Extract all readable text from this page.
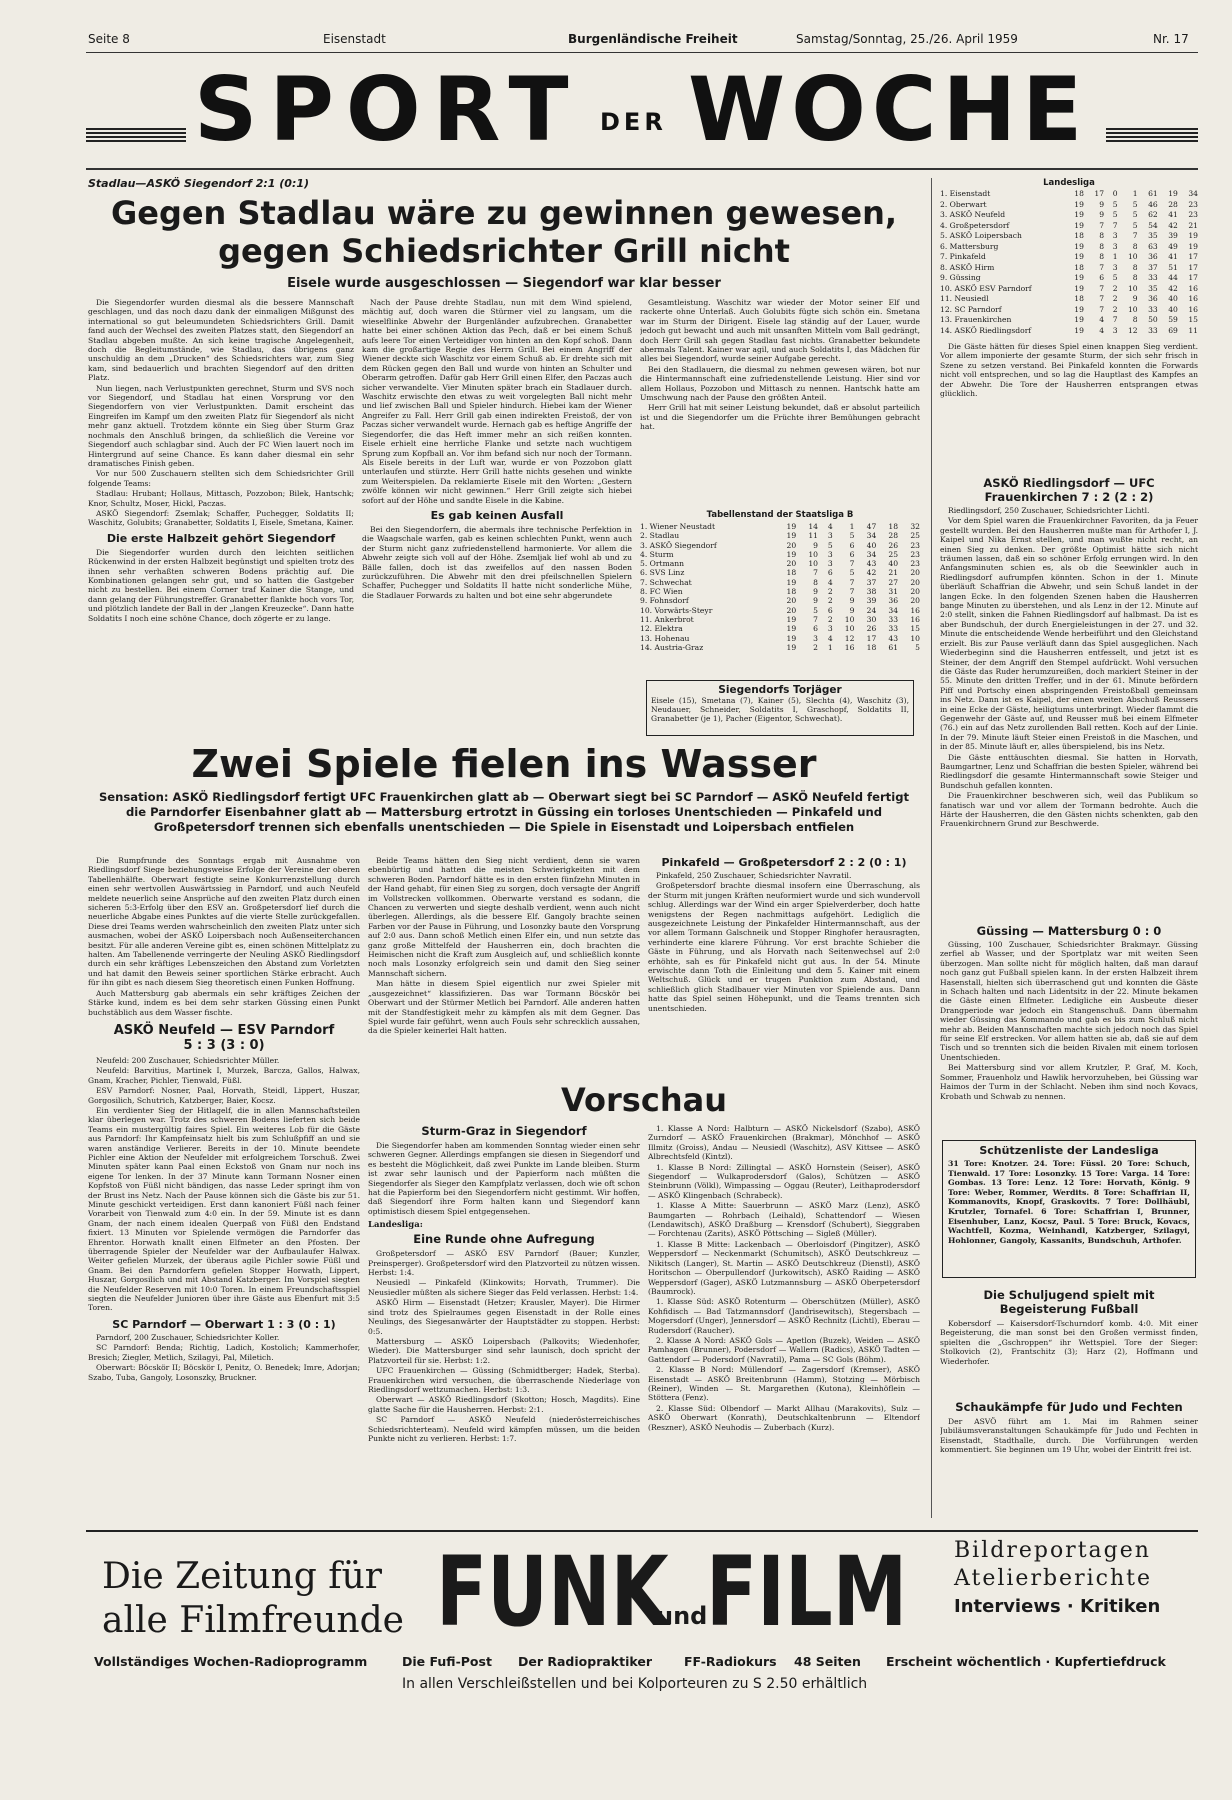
Seite 8	Eisenstadt	Burgenländische Freiheit	Samstag/Sonntag, 25./26. April 1959	Nr. 17
SPORT DER WOCHE
Stadlau—ASKÖ Siegendorf 2:1 (0:1)
Gegen Stadlau wäre zu gewinnen gewesen,
gegen Schiedsrichter Grill nicht
Eisele wurde ausgeschlossen — Siegendorf war klar besser

Die Siegendorfer wurden diesmal als die bessere Mannschaft geschlagen, und das noch dazu dank der einmaligen Mißgunst des international so gut beleumundeten Schiedsrichters Grill. Damit fand auch der Wechsel des zweiten Platzes statt, den Siegendorf an Stadlau abgeben mußte. An sich keine tragische Angelegenheit, doch die Begleitumstände, wie Stadlau, das übrigens ganz unschuldig an dem „Drucken“ des Schiedsrichters war, zum Sieg kam, sind bedauerlich und brachten Siegendorf auf den dritten Platz.

Nun liegen, nach Verlustpunkten gerechnet, Sturm und SVS noch vor Siegendorf, und Stadlau hat einen Vorsprung vor den Siegendorfern von vier Verlustpunkten. Damit erscheint das Eingreifen im Kampf um den zweiten Platz für Siegendorf als nicht mehr ganz aktuell. Trotzdem könnte ein Sieg über Sturm Graz nochmals den Anschluß bringen, da schließlich die Vereine vor Siegendorf auch schlagbar sind. Auch der FC Wien lauert noch im Hintergrund auf seine Chance. Es kann daher diesmal ein sehr dramatisches Finish geben.

Vor nur 500 Zuschauern stellten sich dem Schiedsrichter Grill folgende Teams:

Stadlau: Hrubant; Hollaus, Mittasch, Pozzobon; Bilek, Hantschk; Knor, Schultz, Moser, Hickl, Paczas.

ASKÖ Siegendorf: Zsemlak; Schaffer, Puchegger, Soldatits II; Waschitz, Golubits; Granabetter, Soldatits I, Eisele, Smetana, Kainer.

Die erste Halbzeit gehört Siegendorf

Die Siegendorfer wurden durch den leichten seitlichen Rückenwind in der ersten Halbzeit begünstigt und spielten trotz des ihnen sehr verhaßten schweren Bodens prächtig auf. Die Kombinationen gelangen sehr gut, und so hatten die Gastgeber nicht zu bestellen. Bei einem Corner traf Kainer die Stange, und dann gelang der Führungstreffer. Granabetter flankte hoch vors Tor, und plötzlich landete der Ball in der „langen Kreuzecke“. Dann hatte Soldatits I noch eine schöne Chance, doch zögerte er zu lange.

Nach der Pause drehte Stadlau, nun mit dem Wind spielend, mächtig auf, doch waren die Stürmer viel zu langsam, um die wieselflinke Abwehr der Burgenländer aufzubrechen. Granabetter hatte bei einer schönen Aktion das Pech, daß er bei einem Schuß aufs leere Tor einen Verteidiger von hinten an den Kopf schoß. Dann kam die großartige Regie des Herrn Grill. Bei einem Angriff der Wiener deckte sich Waschitz vor einem Schuß ab. Er drehte sich mit dem Rücken gegen den Ball und wurde von hinten an Schulter und Oberarm getroffen. Dafür gab Herr Grill einen Elfer, den Paczas auch sicher verwandelte. Vier Minuten später brach ein Stadlauer durch. Waschitz erwischte den etwas zu weit vorgelegten Ball nicht mehr und lief zwischen Ball und Spieler hindurch. Hiebei kam der Wiener Angreifer zu Fall. Herr Grill gab einen indirekten Freistoß, der von Paczas sicher verwandelt wurde. Hernach gab es heftige Angriffe der Siegendorfer, die das Heft immer mehr an sich reißen konnten. Eisele erhielt eine herrliche Flanke und setzte nach wuchtigem Sprung zum Kopfball an. Vor ihm befand sich nur noch der Tormann. Als Eisele bereits in der Luft war, wurde er von Pozzobon glatt unterlaufen und stürzte. Herr Grill hatte nichts gesehen und winkte zum Weiterspielen. Da reklamierte Eisele mit den Worten: „Gestern zwölfe können wir nicht gewinnen.“ Herr Grill zeigte sich hiebei sofort auf der Höhe und sandte Eisele in die Kabine.

Es gab keinen Ausfall

Bei den Siegendorfern, die abermals ihre technische Perfektion in die Waagschale warfen, gab es keinen schlechten Punkt, wenn auch der Sturm nicht ganz zufriedenstellend harmonierte. Vor allem die Abwehr zeigte sich voll auf der Höhe. Zsemljak lief wohl ab und zu Bälle fallen, doch ist das zweifellos auf den nassen Boden zurückzuführen. Die Abwehr mit den drei pfeilschnellen Spielern Schaffer, Puchegger und Soldatits II hatte nicht sonderliche Mühe, die Stadlauer Forwards zu halten und bot eine sehr abgerundete

Gesamtleistung. Waschitz war wieder der Motor seiner Elf und rackerte ohne Unterlaß. Auch Golubits fügte sich schön ein. Smetana war im Sturm der Dirigent. Eisele lag ständig auf der Lauer, wurde jedoch gut bewacht und auch mit unsanften Mitteln vom Ball gedrängt, doch Herr Grill sah gegen Stadlau fast nichts. Granabetter bekundete abermals Talent. Kainer war agil, und auch Soldatits I, das Mädchen für alles bei Siegendorf, wurde seiner Aufgabe gerecht.

Bei den Stadlauern, die diesmal zu nehmen gewesen wären, bot nur die Hintermannschaft eine zufriedenstellende Leistung. Hier sind vor allem Hollaus, Pozzobon und Mittasch zu nennen. Hantschk hatte am Umschwung nach der Pause den größten Anteil.

Herr Grill hat mit seiner Leistung bekundet, daß er absolut parteilich ist und die Siegendorfer um die Früchte ihrer Bemühungen gebracht hat.

Tabellenstand der Staatsliga B
1. Wiener Neustadt	19	14	4	1	47	18	32
2. Stadlau	19	11	3	5	34	28	25
3. ASKÖ Siegendorf	20	9	5	6	40	26	23
4. Sturm	19	10	3	6	34	25	23
5. Ortmann	20	10	3	7	43	40	23
6. SVS Linz	18	7	6	5	42	21	20
7. Schwechat	19	8	4	7	37	27	20
8. FC Wien	18	9	2	7	38	31	20
9. Fohnsdorf	20	9	2	9	39	36	20
10. Vorwärts-Steyr	20	5	6	9	24	34	16
11. Ankerbrot	19	7	2	10	30	33	16
12. Elektra	19	6	3	10	26	33	15
13. Hohenau	19	3	4	12	17	43	10
14. Austria-Graz	19	2	1	16	18	61	5
Siegendorfs Torjäger
Eisele (15), Smetana (7), Kainer (5), Slechta (4), Waschitz (3), Neudauer, Schneider, Soldatits I, Graschopf, Soldatits II, Granabetter (je 1), Pacher (Eigentor, Schwechat).
Landesliga
1. Eisenstadt	18	17	0	1	61	19	34
2. Oberwart	19	9	5	5	46	28	23
3. ASKÖ Neufeld	19	9	5	5	62	41	23
4. Großpetersdorf	19	7	7	5	54	42	21
5. ASKÖ Loipersbach	18	8	3	7	35	39	19
6. Mattersburg	19	8	3	8	63	49	19
7. Pinkafeld	19	8	1	10	36	41	17
8. ASKÖ Hirm	18	7	3	8	37	51	17
9. Güssing	19	6	5	8	33	44	17
10. ASKÖ ESV Parndorf	19	7	2	10	35	42	16
11. Neusiedl	18	7	2	9	36	40	16
12. SC Parndorf	19	7	2	10	33	40	16
13. Frauenkirchen	19	4	7	8	50	59	15
14. ASKÖ Riedlingsdorf	19	4	3	12	33	69	11

Die Gäste hätten für dieses Spiel einen knappen Sieg verdient. Vor allem imponierte der gesamte Sturm, der sich sehr frisch in Szene zu setzen verstand. Bei Pinkafeld konnten die Forwards nicht voll entsprechen, und so lag die Hauptlast des Kampfes an der Abwehr. Die Tore der Hausherren entsprangen etwas glücklich.

ASKÖ Riedlingsdorf — UFC Frauenkirchen 7 : 2 (2 : 2)

Riedlingsdorf, 250 Zuschauer, Schiedsrichter Lichtl.

Vor dem Spiel waren die Frauenkirchner Favoriten, da ja Feuer gestellt wurden. Bei den Hausherren mußte man für Arthofer I, J. Kaipel und Nika Ernst stellen, und man wußte nicht recht, an einen Sieg zu denken. Der größte Optimist hätte sich nicht träumen lassen, daß ein so schöner Erfolg errungen wird. In den Anfangsminuten schien es, als ob die Seewinkler auch in Riedlingsdorf aufrumpfen könnten. Schon in der 1. Minute überläuft Schaffrian die Abwehr, und sein Schuß landet in der langen Ecke. In den folgenden Szenen haben die Hausherren bange Minuten zu überstehen, und als Lenz in der 12. Minute auf 2:0 stellt, sinken die Fahnen Riedlingsdorf auf halbmast. Da ist es aber Bundschuh, der durch Energieleistungen in der 27. und 32. Minute die entscheidende Wende herbeiführt und den Gleichstand erzielt. Bis zur Pause verläuft dann das Spiel ausgeglichen. Nach Wiederbeginn sind die Hausherren entfesselt, und jetzt ist es Steiner, der dem Angriff den Stempel aufdrückt. Wohl versuchen die Gäste das Ruder herumzureißen, doch markiert Steiner in der 55. Minute den dritten Treffer, und in der 61. Minute befördern Piff und Portschy einen abspringenden Freistoßball gemeinsam ins Netz. Dann ist es Kaipel, der einen weiten Abschuß Reussers in eine Ecke der Gäste, heiligtums unterbringt. Wieder flammt die Gegenwehr der Gäste auf, und Reusser muß bei einem Elfmeter (76.) ein auf das Netz zurollenden Ball retten. Koch auf der Linie. In der 79. Minute läuft Steier einen Freistoß in die Maschen, und in der 85. Minute läuft er, alles überspielend, bis ins Netz.

Die Gäste enttäuschten diesmal. Sie hatten in Horvath, Baumgartner, Lenz und Schaffrian die besten Spieler, während bei Riedlingsdorf die gesamte Hintermannschaft sowie Steiger und Bundschuh gefallen konnten.

Die Frauenkirchner beschweren sich, weil das Publikum so fanatisch war und vor allem der Tormann bedrohte. Auch die Härte der Hausherren, die den Gästen nichts schenkten, gab den Frauenkirchnern Grund zur Beschwerde.

Güssing — Mattersburg 0 : 0

Güssing, 100 Zuschauer, Schiedsrichter Brakmayr. Güssing zerfiel ab Wasser, und der Sportplatz war mit weiten Seen überzogen. Man sollte nicht für möglich halten, daß man darauf noch ganz gut Fußball spielen kann. In der ersten Halbzeit ihrem Hasenstall, hielten sich überraschend gut und konnten die Gäste in Schach halten und nach Lidentsitz in der 22. Minute bekamen die Gäste einen Elfmeter. Ledigliche ein Ausbeute dieser Drangperiode war jedoch ein Stangenschuß. Dann übernahm wieder Güssing das Kommando und gab es bis zum Schluß nicht mehr ab. Beiden Mannschaften machte sich jedoch noch das Spiel für seine Elf erstrecken. Vor allem hatten sie ab, daß sie auf dem Tisch und so trennten sich die beiden Rivalen mit einem torlosen Unentschieden.

Bei Mattersburg sind vor allem Krutzler, P. Graf, M. Koch, Sommer, Frauenholz und Hawlik hervorzuheben, bei Güssing war Haimos der Turm in der Schlacht. Neben ihm sind noch Kovacs, Krobath und Schwab zu nennen.

Schützenliste der Landesliga
31 Tore: Knotzer. 24. Tore: Füssl. 20 Tore: Schuch, Tienwald. 17 Tore: Losonzky. 15 Tore: Varga. 14 Tore: Gombas. 13 Tore: Lenz. 12 Tore: Horvath, König. 9 Tore: Weber, Rommer, Werdits. 8 Tore: Schaffrian II, Kommanovits, Knopf, Graskovits. 7 Tore: Dollhäubl, Krutzler, Tornafel. 6 Tore: Schaffrian I, Brunner, Eisenhuber, Lanz, Kocsz, Paul. 5 Tore: Bruck, Kovacs, Wachtfell, Kozma, Weinhandl, Katzberger, Szilagyi, Hohlonner, Gangoly, Kassanits, Bundschuh, Arthofer.
Die Schuljugend spielt mit Begeisterung Fußball

Kobersdorf — Kaisersdorf-Tschurndorf komb. 4:0. Mit einer Begeisterung, die man sonst bei den Großen vermisst finden, spielten die „Gschroppen“ ihr Wettspiel. Tore der Sieger: Stolkovich (2), Frantschitz (3); Harz (2), Hoffmann und Wiederhofer.

Schaukämpfe für Judo und Fechten

Der ASVÖ führt am 1. Mai im Rahmen seiner Jubiläumsveranstaltungen Schaukämpfe für Judo und Fechten in Eisenstadt, Stadthalle, durch. Die Vorführungen werden kommentiert. Sie beginnen um 19 Uhr, wobei der Eintritt frei ist.

Zwei Spiele fielen ins Wasser
Sensation: ASKÖ Riedlingsdorf fertigt UFC Frauenkirchen glatt ab — Oberwart siegt bei SC Parndorf — ASKÖ Neufeld fertigt die Parndorfer Eisenbahner glatt ab — Mattersburg ertrotzt in Güssing ein torloses Unentschieden — Pinkafeld und Großpetersdorf trennen sich ebenfalls unentschieden — Die Spiele in Eisenstadt und Loipersbach entfielen

Die Rumpfrunde des Sonntags ergab mit Ausnahme von Riedlingsdorf Siege beziehungsweise Erfolge der Vereine der oberen Tabellenhälfte. Oberwart festigte seine Konkurrenzstellung durch einen sehr wertvollen Auswärtssieg in Parndorf, und auch Neufeld meldete neuerlich seine Ansprüche auf den zweiten Platz durch einen sicheren 5:3-Erfolg über den ESV an. Großpetersdorf lief durch die neuerliche Abgabe eines Punktes auf die vierte Stelle zurückgefallen. Diese drei Teams werden wahrscheinlich den zweiten Platz unter sich ausmachen, wobei der ASKÖ Loipersbach noch Außenseiterchancen besitzt. Für alle anderen Vereine gibt es, einen schönen Mittelplatz zu halten. Am Tabellenende verringerte der Neuling ASKÖ Riedlingsdorf durch ein sehr kräftiges Lebenszeichen den Abstand zum Vorletzten und hat damit den Beweis seiner sportlichen Stärke erbracht. Auch für ihn gibt es nach diesem Sieg theoretisch einen Funken Hoffnung.

Auch Mattersburg gab abermals ein sehr kräftiges Zeichen der Stärke kund, indem es bei dem sehr starken Güssing einen Punkt buchstäblich aus dem Wasser fischte.

ASKÖ Neufeld — ESV Parndorf
5 : 3 (3 : 0)

Neufeld: 200 Zuschauer, Schiedsrichter Müller.

Neufeld: Barvitius, Martinek I, Murzek, Barcza, Gallos, Halwax, Gnam, Kracher, Pichler, Tienwald, Füßl.

ESV Parndorf: Nosner, Paal, Horvath, Steidl, Lippert, Huszar, Gorgosilich, Schutrich, Katzberger, Baier, Kocsz.

Ein verdienter Sieg der Hitlagelf, die in allen Mannschaftsteilen klar überlegen war. Trotz des schweren Bodens lieferten sich beide Teams ein mustergültig faires Spiel. Ein weiteres Lob für die Gäste aus Parndorf: Ihr Kampfeinsatz hielt bis zum Schlußpfiff an und sie waren anständige Verlierer. Bereits in der 10. Minute beendete Pichler eine Aktion der Neufelder mit erfolgreichem Torschuß. Zwei Minuten später kann Paal einen Eckstoß von Gnam nur noch ins eigene Tor lenken. In der 37 Minute kann Tormann Nosner einen Kopfstoß von Füßl nicht bändigen, das nasse Leder springt ihm von der Brust ins Netz. Nach der Pause können sich die Gäste bis zur 51. Minute geschickt verteidigen. Erst dann kanoniert Füßl nach feiner Vorarbeit von Tienwald zum 4:0 ein. In der 59. Minute ist es dann Gnam, der nach einem idealen Querpaß von Füßl den Endstand fixiert. 13 Minuten vor Spielende vermögen die Parndorfer das Ehrentor. Horwath knallt einen Elfmeter an den Pfosten. Der überragende Spieler der Neufelder war der Aufbaulaufer Halwax. Weiter gefielen Murzek, der überaus agile Pichler sowie Füßl und Gnam. Bei den Parndorfern gefielen Stopper Horwath, Lippert, Huszar, Gorgosilich und mit Abstand Katzberger. Im Vorspiel siegten die Neufelder Reserven mit 10:0 Toren. In einem Freundschaftsspiel siegten die Neufelder Junioren über ihre Gäste aus Ebenfurt mit 3:5 Toren.

SC Parndorf — Oberwart 1 : 3 (0 : 1)

Parndorf, 200 Zuschauer, Schiedsrichter Koller.

SC Parndorf: Benda; Richtig, Ladich, Kostolich; Kammerhofer, Bresich; Ziegler, Metlich, Szilagyi, Pal, Miletich.

Oberwart: Böcskör II; Böcskör I, Penitz, O. Benedek; Imre, Adorjan; Szabo, Tuba, Gangoly, Losonszky, Bruckner.

Beide Teams hätten den Sieg nicht verdient, denn sie waren ebenbürtig und hatten die meisten Schwierigkeiten mit dem schweren Boden. Parndorf hätte es in den ersten fünfzehn Minuten in der Hand gehabt, für einen Sieg zu sorgen, doch versagte der Angriff im Vollstrecken vollkommen. Oberwarte verstand es sodann, die Chancen zu verwerten und siegte deshalb verdient, wenn auch nicht überlegen. Allerdings, als die bessere Elf. Gangoly brachte seinen Farben vor der Pause in Führung, und Losonzky baute den Vorsprung auf 2:0 aus. Dann schoß Metlich einen Elfer ein, und nun setzte das ganz große Mittelfeld der Hausherren ein, doch brachten die Heimischen nicht die Kraft zum Ausgleich auf, und schließlich konnte noch mals Losonzky erfolgreich sein und damit den Sieg seiner Mannschaft sichern.

Man hätte in diesem Spiel eigentlich nur zwei Spieler mit „ausgezeichnet“ klassifizieren. Das war Tormann Böcskör bei Oberwart und der Stürmer Metlich bei Parndorf. Alle anderen hatten mit der Standfestigkeit mehr zu kämpfen als mit dem Gegner. Das Spiel wurde fair geführt, wenn auch Fouls sehr schrecklich aussahen, da die Spieler keinerlei Halt hatten.

Pinkafeld — Großpetersdorf 2 : 2 (0 : 1)

Pinkafeld, 250 Zuschauer, Schiedsrichter Navratil.

Großpetersdorf brachte diesmal insofern eine Überraschung, als der Sturm mit jungen Kräften neuformiert wurde und sich wundervoll schlug. Allerdings war der Wind ein arger Spielverderber, doch hatte wenigstens der Regen nachmittags aufgehört. Lediglich die ausgezeichnete Leistung der Pinkafelder Hintermannschaft, aus der vor allem Tormann Galschneik und Stopper Ringhofer herausragten, verhinderte eine klarere Führung. Vor erst brachte Schieber die Gäste in Führung, und als Horvath nach Seitenwechsel auf 2:0 erhöhte, sah es für Pinkafeld nicht gut aus. In der 54. Minute erwischte dann Toth die Einleitung und dem 5. Kainer mit einem Weltschuß. Glück und er trugen Punktion zum Abstand, und schließlich glich Stadlbauer vier Minuten vor Spielende aus. Dann hatte das Spiel seinen Höhepunkt, und die Teams trennten sich unentschieden.

Vorschau
Sturm-Graz in Siegendorf

Die Siegendorfer haben am kommenden Sonntag wieder einen sehr schweren Gegner. Allerdings empfangen sie diesen in Siegendorf und es besteht die Möglichkeit, daß zwei Punkte im Lande bleiben. Sturm ist zwar sehr launisch und der Papierform nach müßten die Siegendorfer als Sieger den Kampfplatz verlassen, doch wie oft schon hat die Papierform bei den Siegendorfern nicht gestimmt. Wir hoffen, daß Siegendorf ihre Form halten kann und Siegendorf kann optimistisch diesem Spiel entgegensehen.

Landesliga:
Eine Runde ohne Aufregung

Großpetersdorf — ASKÖ ESV Parndorf (Bauer; Kunzler, Preinsperger). Großpetersdorf wird den Platzvorteil zu nützen wissen. Herbst: 1:4.

Neusiedl — Pinkafeld (Klinkowits; Horvath, Trummer). Die Neusiedler müßten als sichere Sieger das Feld verlassen. Herbst: 1:4.

ASKÖ Hirm — Eisenstadt (Hetzer; Krausler, Mayer). Die Hirmer sind trotz des Spielraumes gegen Eisenstadt in der Rolle eines Neulings, des Siegesanwärter der Hauptstädter zu stoppen. Herbst: 0:5.

Mattersburg — ASKÖ Loipersbach (Palkovits; Wiedenhofer, Wieder). Die Mattersburger sind sehr launisch, doch spricht der Platzvorteil für sie. Herbst: 1:2.

UFC Frauenkirchen — Güssing (Schmidtberger; Hadek, Sterba). Frauenkirchen wird versuchen, die überraschende Niederlage von Riedlingsdorf wettzumachen. Herbst: 1:3.

Oberwart — ASKÖ Riedlingsdorf (Skotton; Hosch, Magdits). Eine glatte Sache für die Hausherren. Herbst: 2:1.

SC Parndorf — ASKÖ Neufeld (niederösterreichisches Schiedsrichterteam). Neufeld wird kämpfen müssen, um die beiden Punkte nicht zu verlieren. Herbst: 1:7.

1. Klasse A Nord: Halbturn — ASKÖ Nickelsdorf (Szabo), ASKÖ Zurndorf — ASKÖ Frauenkirchen (Brakmar), Mönchhof — ASKÖ Illmitz (Groiss), Andau — Neusiedl (Waschitz), ASV Kittsee — ASKÖ Albrechtsfeld (Kintzl).

1. Klasse B Nord: Zillingtal — ASKÖ Hornstein (Seiser), ASKÖ Siegendorf — Wulkaprodersdorf (Galos), Schützen — ASKÖ Steinbrunn (Völkl), Wimpassing — Oggau (Reuter), Leithaprodersdorf — ASKÖ Klingenbach (Schrabeck).

1. Klasse A Mitte: Sauerbrunn — ASKÖ Marz (Lenz), ASKÖ Baumgarten — Rohrbach (Leihald), Schattendorf — Wiesen (Lendawitsch), ASKÖ Draßburg — Krensdorf (Schubert), Sieggraben — Forchtenau (Zarits), ASKÖ Pöttsching — Sigleß (Müller).

1. Klasse B Mitte: Lackenbach — Oberloisdorf (Pingitzer), ASKÖ Weppersdorf — Neckenmarkt (Schumitsch), ASKÖ Deutschkreuz — Nikitsch (Langer), St. Martin — ASKÖ Deutschkreuz (Dienstl), ASKÖ Horitschon — Oberpullendorf (Jurkowitsch), ASKÖ Raiding — ASKÖ Weppersdorf (Gager), ASKÖ Lutzmannsburg — ASKÖ Oberpetersdorf (Baumrock).

1. Klasse Süd: ASKÖ Rotenturm — Oberschützen (Müller), ASKÖ Kohfidisch — Bad Tatzmannsdorf (Jandrisewitsch), Stegersbach — Mogersdorf (Unger), Jennersdorf — ASKÖ Rechnitz (Lichtl), Eberau — Rudersdorf (Raucher).

2. Klasse A Nord: ASKÖ Gols — Apetlon (Buzek), Weiden — ASKÖ Pamhagen (Brunner), Podersdorf — Wallern (Radics), ASKÖ Tadten — Gattendorf — Podersdorf (Navratil), Pama — SC Gols (Böhm).

2. Klasse B Nord: Müllendorf — Zagersdorf (Kremser), ASKÖ Eisenstadt — ASKÖ Breitenbrunn (Hamm), Stotzing — Mörbisch (Reiner), Winden — St. Margarethen (Kutona), Kleinhöflein — Stöttera (Fenz).

2. Klasse Süd: Olbendorf — Markt Allhau (Marakovits), Sulz — ASKÖ Oberwart (Konrath), Deutschkaltenbrunn — Eltendorf (Reszner), ASKÖ Neuhodis — Zuberbach (Kurz).

Die Zeitung für
alle Filmfreunde FUNK
und
FILM Bildreportagen
Atelierberichte
Interviews · Kritiken
Vollständiges Wochen-Radioprogramm	Die Fufi-Post Der Radiopraktiker	FF-Radiokurs 48 Seiten Erscheint wöchentlich · Kupfertiefdruck
In allen Verschleißstellen und bei Kolporteuren zu S 2.50 erhältlich
